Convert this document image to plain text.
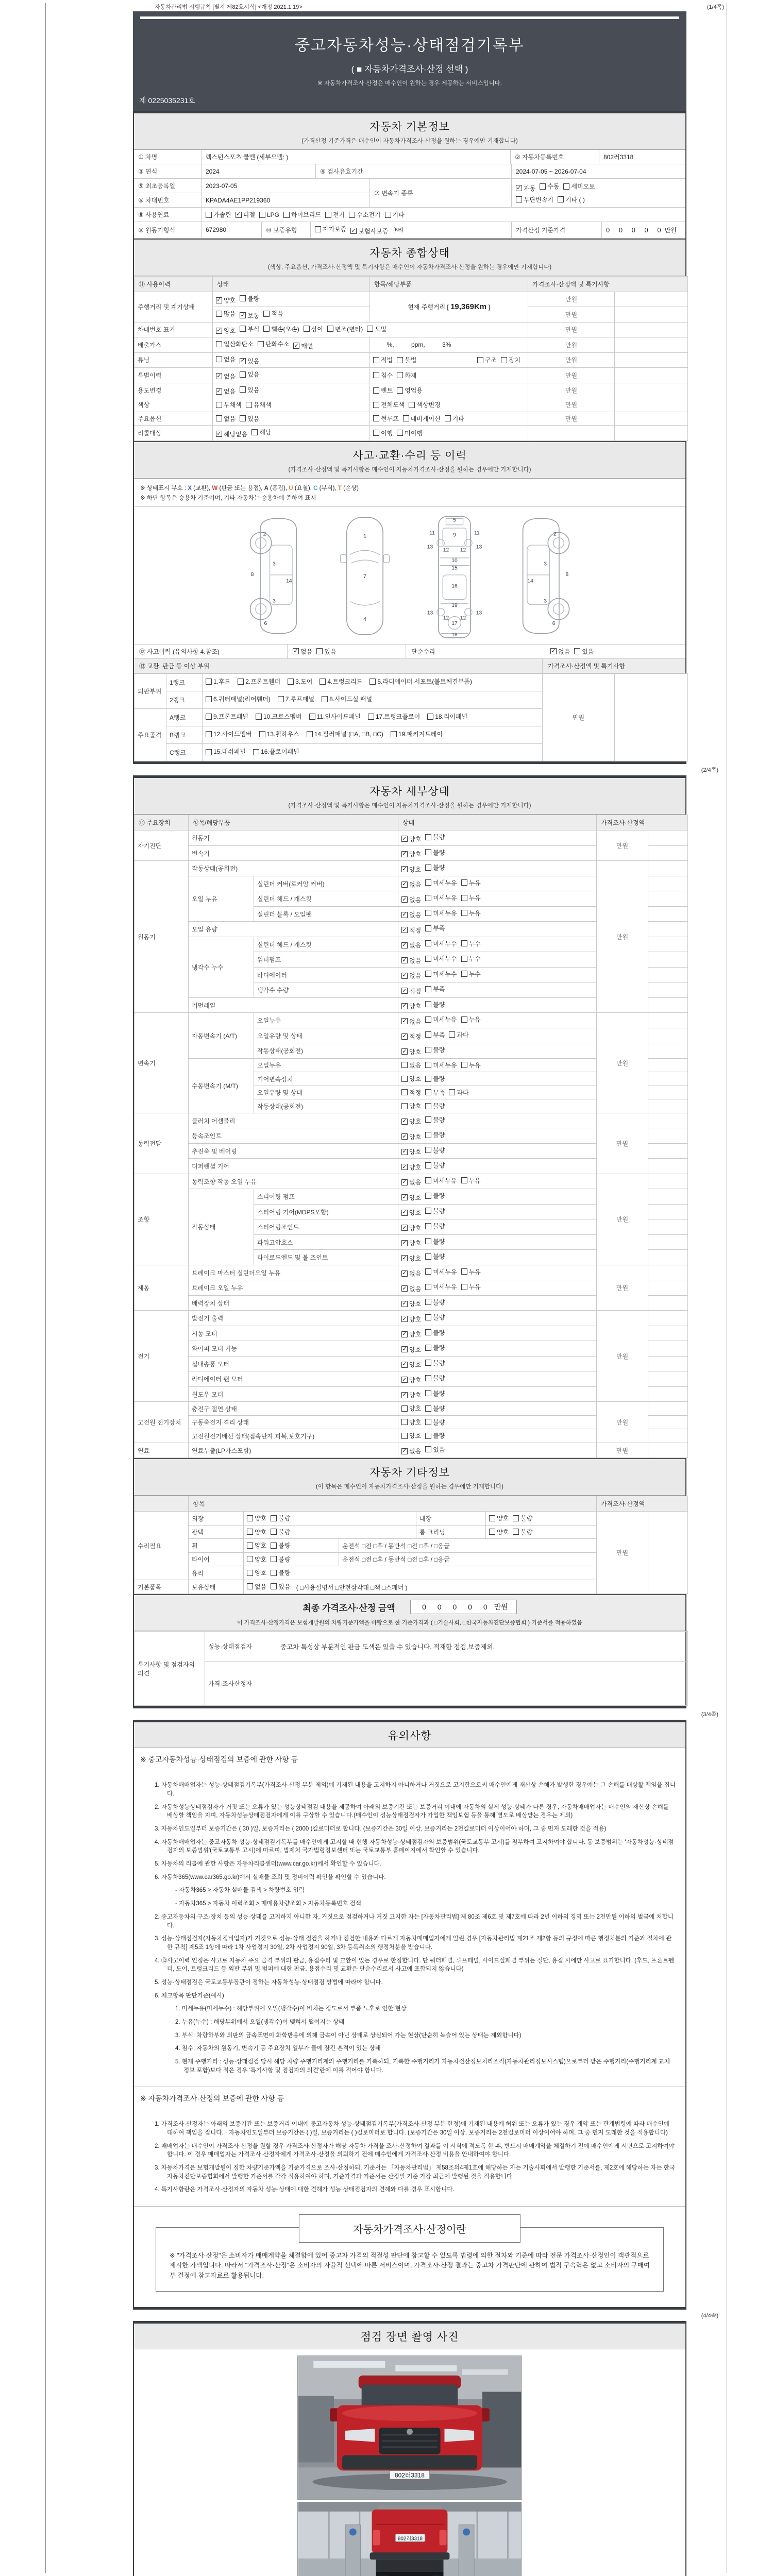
자동차관리법 시행규칙 [별지 제82호서식] <개정 2021.1.19>	(1/4쪽)
중고자동차성능·상태점검기록부
( ■ 자동차가격조사·산정 선택 )
※ 자동차가격조사·산정은 매수인이 원하는 경우 제공하는 서비스입니다.
제 0225035231호
자동차 기본정보
(가격산정 기준가격은 매수인이 자동차가격조사·산정을 원하는 경우에만 기재합니다)
① 차명	렉스턴스포츠 쿨멘 (세부모델: )	② 자동차등록번호	802러3318
③ 연식	2024	④ 검사유효기간	2024-07-05 ~ 2026-07-04
⑤ 최초등록일	2023-07-05
⑥ 차대번호	KPADA4AE1PP219360
⑦ 변속기 종류
✓ 자동 수동 세미오토
무단변속기 기타 ( )
⑧ 사용연료	가솔린 ✓ 디젤 LPG 하이브리드 전기 수소전기 기타
⑨ 원동기형식	672980	⑩ 보증유형	자가보증 ✓ 보험사보증 [KB]	가격산정 기준가격	0 0 0 0 0 만원
자동차 종합상태
(색상, 주요옵션, 가격조사·산정액 및 특기사항은 매수인이 자동차가격조사·산정을 원하는 경우에만 기재합니다)
⑪ 사용이력	상태	항목/해당부품	가격조사·산정액 및 특기사항	
주행거리 및 계기상태	✓ 양호 불량	현재 주행거리 [ 19,369Km ]	만원	

	많음 ✓ 보통 적음		만원	
차대번호 표기	✓ 양호 부식 훼손(오손) 상이 변조(변타) 도말	만원	
배출가스	일산화탄소 탄화수소 ✓ 매연	%,          ppm,          3%	만원	
튜닝	없음 ✓ 있음	적법 불법 구조 장치	만원	
특별이력	✓ 없음 있음	침수 화재	만원	
용도변경	✓ 없음 있음	렌트 영업용	만원	
색상	무채색 유채색	전체도색 색상변경	만원	
주요옵션	없음 있음	썬루프 네비게이션 기타	만원	
리콜대상	✓ 해당없음 해당	이행 미이행		

사고·교환·수리 등 이력
(가격조사·산정액 및 특기사항은 매수인이 자동차가격조사·산정을 원하는 경우에만 기재합니다)

※ 상태표시 부호 : X (교환), W (판금 또는 용접), A (흠집), U (요철), C (부식), T (손상)

※ 하단 항목은 승용차 기준이며, 기타 자동차는 승용차에 준하여 표시

2
8
3
14
3
6
1
7
4
5
11	9	11
13
12 12
13
10
15
16
19
13
12
17
12
13
18
2
3
8
14
3
6
⑫ 사고이력 (유의사항 4.참조)	✓ 없음 있음	단순수리	✓ 없음 있음
⑬ 교환, 판금 등 이상 부위	가격조사·산정액 및 특기사항
외판부위	1랭크	1.후드 2.프론트휀더 3.도어 4.트렁크리드 5.라디에이터 서포트(볼트체결부품)	만원	
	2랭크	6.쿼터패널(리어휀더) 7.루프패널 8.사이드실 패널		

주요골격	A랭크	9.프론트패널 10.크로스멤버 11.인사이드패널 17.트렁크플로어 18.리어패널		

	B랭크	12.사이드멤버 13.휠하우스 14.필러패널 (□A, □B, □C) 19.패키지트레이		

	C랭크	15.대쉬패널 16.플로어패널		
(2/4쪽)
자동차 세부상태
(가격조사·산정액 및 특기사항은 매수인이 자동차가격조사·산정을 원하는 경우에만 기재합니다)
⑭ 주요장치	항목/해당부품		상태	가격조사·산정액	
자기진단	원동기		✓ 양호 불량	만원	
	변속기		✓ 양호 불량		

원동기	작동상태(공회전)		✓ 양호 불량	만원	
	오일 누유	실린더 커버(로커암 커버)	✓ 없음 미세누유 누유		

		실린더 헤드 / 개스킷	✓ 없음 미세누유 누유		

		실린더 블록 / 오일팬	✓ 없음 미세누유 누유		

	오일 유량		✓ 적정 부족		

	냉각수 누수	실린더 헤드 / 개스킷	✓ 없음 미세누수 누수		

		워터펌프	✓ 없음 미세누수 누수		

		라디에이터	✓ 없음 미세누수 누수		

		냉각수 수량	✓ 적정 부족		

	커먼레일		✓ 양호 불량		

변속기	자동변속기 (A/T)	오일누유	✓ 없음 미세누유 누유	만원	
		오일유량 및 상태	✓ 적정 부족 과다		

		작동상태(공회전)	✓ 양호 불량		

	수동변속기 (M/T)	오일누유	없음 미세누유 누유		

		기어변속장치	양호 불량		

		오일유량 및 상태	적정 부족 과다		

		작동상태(공회전)	양호 불량		

동력전달	클러치 어셈블리		✓ 양호 불량	만원	
	등속조인트		✓ 양호 불량		

	추진축 및 베어링		✓ 양호 불량		

	디퍼렌셜 기어		✓ 양호 불량		

조향	동력조향 작동 오일 누유		✓ 없음 미세누유 누유	만원	
	작동상태	스티어링 펌프	✓ 양호 불량		

		스티어링 기어(MDPS포함)	✓ 양호 불량		

		스티어링조인트	✓ 양호 불량		

		파워고압호스	✓ 양호 불량		

		타이로드엔드 및 볼 조인트	✓ 양호 불량		

제동	브레이크 마스터 실린더오일 누유		✓ 없음 미세누유 누유	만원	
	브레이크 오일 누유		✓ 없음 미세누유 누유		

	배력장치 상태		✓ 양호 불량		

전기	발전기 출력		✓ 양호 불량	만원	
	시동 모터		✓ 양호 불량		

	와이퍼 모터 기능		✓ 양호 불량		

	실내송풍 모터		✓ 양호 불량		

	라디에이터 팬 모터		✓ 양호 불량		

	윈도우 모터		✓ 양호 불량		

고전원 전기장치	충전구 절연 상태		양호 불량	만원	
	구동축전지 격리 상태		양호 불량		

	고전원전기배선 상태(접속단자,피복,보호기구)		양호 불량		

연료	연료누출(LP가스포함)		✓ 없음 있음	만원	
자동차 기타정보
(이 항목은 매수인이 자동차가격조사·산정을 원하는 경우에만 기재합니다)
	항목					가격조사·산정액	
수리필요	외장	양호 불량		내장	양호 불량	만원	
	광택	양호 불량		룸 크리닝	양호 불량		

	휠	양호 불량	운전석 □전 □후 / 동반석 □전 □후 / □응급				
	타이어	양호 불량	운전석 □전 □후 / 동반석 □전 □후 / □응급				
	유리	양호 불량					

기본품목	보유상태	없음 있음 ( □사용설명서 □안전삼각대 □잭 □스패너 )					
최종 가격조사·산정 금액	0 0 0 0 0 만원
이 가격조사·산정가격은 보험개발원의 차량기준가액을 바탕으로 한 기준가격과 ( □기술사회, □한국자동차진단보증협회 ) 기준서를 적용하였음
특기사항 및 점검자의 의견	성능·상태점검자	중고차 특성상 부분적인 판금 도색은 있을 수 있습니다. 적재함 점검,보증제외.
	가격·조사산정자	
(3/4쪽)
유의사항
※ 중고자동차성능·상태점검의 보증에 관한 사항 등

1. 자동차매매업자는 성능·상태점검기록부(가격조사·산정 부분 제외)에 기재된 내용을 고지하지 아니하거나 거짓으로 고지함으로써 매수인에게 재산상 손해가 발생한 경우에는 그 손해를 배상할 책임을 집니다.

2. 자동차성능상태점검자가 거짓 또는 오류가 있는 성능상태점검 내용을 제공하여 아래의 보증기간 또는 보증거리 이내에 자동차의 실제 성능·상태가 다른 경우, 자동차매매업자는 매수인의 재산상 손해를 배상할 책임을 지며, 자동차성능상태점검자에게 이를 구상할 수 있습니다.(매수인이 성능상태점검자가 가입한 책임보험 등을 통해 별도로 배상받는 경우는 제외)

3. 자동차인도일부터 보증기간은 ( 30 )일, 보증거리는 ( 2000 )킬로미터로 합니다. (보증기간은 30일 이상, 보증거리는 2천킬로미터 이상이어야 하며, 그 중 먼저 도래한 것을 적용)

4. 자동차매매업자는 중고자동차 성능·상태점검기록부를 매수인에게 고지할 때 현행 자동차성능·상태점검자의 보증범위(국토교통부 고시)를 첨부하여 고지하여야 합니다. 동 보증범위는 '자동차성능·상태점검자의 보증범위'(국토교통부 고시)에 따르며, 법제처 국가법령정보센터 또는 국토교통부 홈페이지에서 확인할 수 있습니다.

5. 자동차의 리콜에 관한 사항은 자동차리콜센터(www.car.go.kr)에서 확인할 수 있습니다.

6. 자동차365(www.car365.go.kr)에서 실매물 조회 및 정비이력 확인을 확인할 수 있습니다.

- 자동차365 > 자동차 실매물 검색 > 차량번호 입력

- 자동차365 > 자동차 이력조회 > 매매용차량조회 > 자동차등록번호 검색

2. 중고자동차의 구조·장치 등의 성능·상태를 고지하지 아니한 자, 거짓으로 점검하거나 거짓 고지한 자는 [자동차관리법] 제 80조 제6호 및 제7호에 따라 2년 이하의 징역 또는 2천만원 이하의 벌금에 처합니다.

3. 성능·상태점검자(자동차정비업자)가 거짓으로 성능·상태 점검을 하거나 점검한 내용과 다르게 자동차매매업자에게 알린 경우 [자동차관리법 제21조 제2항 등의 규정에 따른 행정처분의 기준과 절차에 관한 규칙] 제5조 1항에 따라 1차 사업정지 30일, 2차 사업정지 90일, 3차 등록취소의 행정처분을 받습니다.

4. ⑫사고이력 인정은 사고로 자동차 주요 골격 부위의 판금, 용접수리 및 교환이 있는 경우로 한정합니다. 단 쿼터패널, 루프패널, 사이드실패널 부위는 절단, 용접 시에만 사고로 표기합니다. (후드, 프론트펜더, 도어, 트렁크리드 등 외판 부위 및 범퍼에 대한 판금, 용접수리 및 교환은 단순수리로서 사고에 포함되지 않습니다)

5. 성능·상태점검은 국토교통부장관이 정하는 자동차성능·상태점검 방법에 따라야 합니다.

6. 체크항목 판단기준(예시)

1. 미세누유(미세누수) : 해당부위에 오일(냉각수)이 비치는 정도로서 부품 노후로 인한 현상

2. 누유(누수) : 해당부위에서 오일(냉각수)이 맺혀서 떨어지는 상태

3. 부식: 차량하부와 외판의 금속표면이 화학반응에 의해 금속이 아닌 상태로 상실되어 가는 현상(단순히 녹슬어 있는 상태는 제외합니다)

4. 침수: 자동차의 원동기, 변속기 등 주요장치 일부가 물에 잠긴 흔적이 있는 상태

5. 현재 주행거리 : 성능·상태점검 당시 해당 차량 주행거리계의 주행거리를 기록하되, 기록한 주행거리가 자동차전산정보처리조직(자동차관리정보시스템)으로부터 받은 주행거리(주행거리계 교체 정보 포함)보다 적은 경우 '특기사항 및 점검자의 의견'란에 이를 적어야 합니다.

※ 자동차가격조사·산정의 보증에 관한 사항 등

1. 가격조사·산정자는 아래의 보증기간 또는 보증거리 이내에 중고자동차 성능·상태점검기록부(가격조사·산정 부분 한정)에 기재된 내용에 허위 또는 오류가 있는 경우 계약 또는 관계법령에 따라 매수인에 대하여 책임을 집니다. · 자동차인도일부터 보증기간은 ( )일, 보증거리는 ( )킬로미터로 합니다. (보증기간은 30일 이상, 보증거리는 2천킬로미터 이상이어야 하며, 그 중 먼저 도래한 것을 적용합니다)

2. 매매업자는 매수인이 가격조사·산정을 원할 경우 가격조사·산정자가 해당 자동차 가격을 조사·산정하여 결과를 이 서식에 적도록 한 후, 반드시 매매계약을 체결하기 전에 매수인에게 서면으로 고지하여야 합니다. 이 경우 매매업자는 가격조사·산정자에게 가격조사·산정을 의뢰하기 전에 매수인에게 가격조사·산정 비용을 안내하여야 합니다.

3. 자동차가격은 보험개발원이 정한 차량기준가액을 기준가격으로 조사·산정하되, 기준서는 「자동차관리법」 제58조의4제1호에 해당하는 자는 기술사회에서 발행한 기준서를, 제2호에 해당하는 자는 한국자동차진단보증협회에서 발행한 기준서를 각각 적용하여야 하며, 기준가격과 기준서는 산정일 기준 가장 최근에 발행된 것을 적용합니다.

4. 특기사항란은 가격조사·산정자의 자동차 성능·상태에 대한 견해가 성능·상태점검자의 견해와 다를 경우 표시합니다.

자동차가격조사·산정이란
※ "가격조사·산정"은 소비자가 매매계약을 체결함에 있어 중고차 가격의 적절성 판단에 참고할 수 있도록 법령에 의한 절차와 기준에 따라 전문 가격조사·산정인이 객관적으로 제시한 가액입니다. 따라서 "가격조사·산정"은 소비자의 자율적 선택에 따른 서비스이며, 가격조사·산정 결과는 중고차 가격판단에 관하여 법적 구속력은 없고 소비자의 구매여부 결정에 참고자료로 활용됩니다.
(4/4쪽)
점검 장면 촬영 사진
802러3318
802러3318
